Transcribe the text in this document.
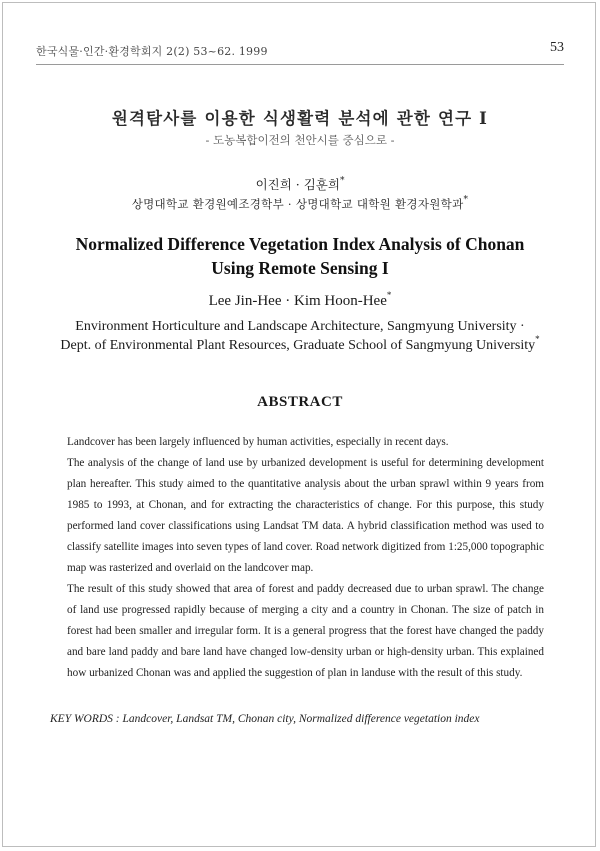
한국식물·인간·환경학회지 2(2) 53~62. 1999	53
원격탐사를 이용한 식생활력 분석에 관한 연구 I
- 도농복합이전의 천안시를 중심으로 -
이진희 · 김훈희*
상명대학교 환경원예조경학부 · 상명대학교 대학원 환경자원학과*
Normalized Difference Vegetation Index Analysis of Chonan
Using Remote Sensing I
Lee Jin-Hee · Kim Hoon-Hee*
Environment Horticulture and Landscape Architecture, Sangmyung University ·
Dept. of Environmental Plant Resources, Graduate School of Sangmyung University*
ABSTRACT

Landcover has been largely influenced by human activities, especially in recent days.

The analysis of the change of land use by urbanized development is useful for determining development plan hereafter. This study aimed to the quantitative analysis about the urban sprawl within 9 years from 1985 to 1993, at Chonan, and for extracting the characteristics of change. For this purpose, this study performed land cover classifications using Landsat TM data. A hybrid classification method was used to classify satellite images into seven types of land cover. Road network digitized from 1:25,000 topographic map was rasterized and overlaid on the landcover map.

The result of this study showed that area of forest and paddy decreased due to urban sprawl. The change of land use progressed rapidly because of merging a city and a country in Chonan. The size of patch in forest had been smaller and irregular form. It is a general progress that the forest have changed the paddy and bare land paddy and bare land have changed low-density urban or high-density urban. This explained how urbanized Chonan was and applied the suggestion of plan in landuse with the result of this study.

KEY WORDS : Landcover, Landsat TM, Chonan city, Normalized difference vegetation index
